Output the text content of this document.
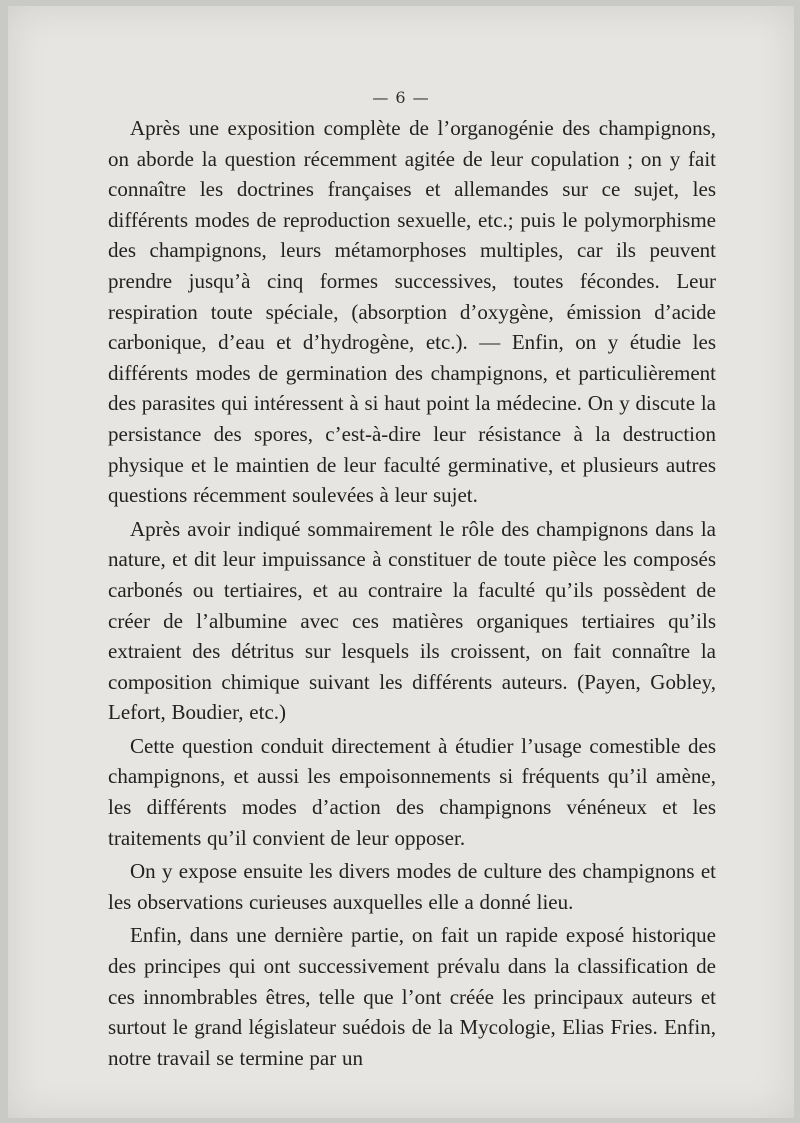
— 6 —

Après une exposition complète de l’organogénie des champignons, on aborde la question récemment agitée de leur copulation ; on y fait connaître les doctrines françaises et allemandes sur ce sujet, les différents modes de reproduction sexuelle, etc.; puis le polymorphisme des champignons, leurs métamorphoses multiples, car ils peuvent prendre jusqu’à cinq formes successives, toutes fécondes. Leur respiration toute spéciale, (absorption d’oxygène, émission d’acide carbonique, d’eau et d’hydrogène, etc.). — Enfin, on y étudie les différents modes de germination des champignons, et particulièrement des parasites qui intéressent à si haut point la médecine. On y discute la persistance des spores, c’est-à-dire leur résistance à la destruction physique et le maintien de leur faculté germinative, et plusieurs autres questions récemment soulevées à leur sujet.

Après avoir indiqué sommairement le rôle des champignons dans la nature, et dit leur impuissance à constituer de toute pièce les composés carbonés ou tertiaires, et au contraire la faculté qu’ils possèdent de créer de l’albumine avec ces matières organiques tertiaires qu’ils extraient des détritus sur lesquels ils croissent, on fait connaître la composition chimique suivant les différents auteurs. (Payen, Gobley, Lefort, Boudier, etc.)

Cette question conduit directement à étudier l’usage comestible des champignons, et aussi les empoisonnements si fréquents qu’il amène, les différents modes d’action des champignons vénéneux et les traitements qu’il convient de leur opposer.

On y expose ensuite les divers modes de culture des champignons et les observations curieuses auxquelles elle a donné lieu.

Enfin, dans une dernière partie, on fait un rapide exposé historique des principes qui ont successivement prévalu dans la classification de ces innombrables êtres, telle que l’ont créée les principaux auteurs et surtout le grand législateur suédois de la Mycologie, Elias Fries. Enfin, notre travail se termine par un
